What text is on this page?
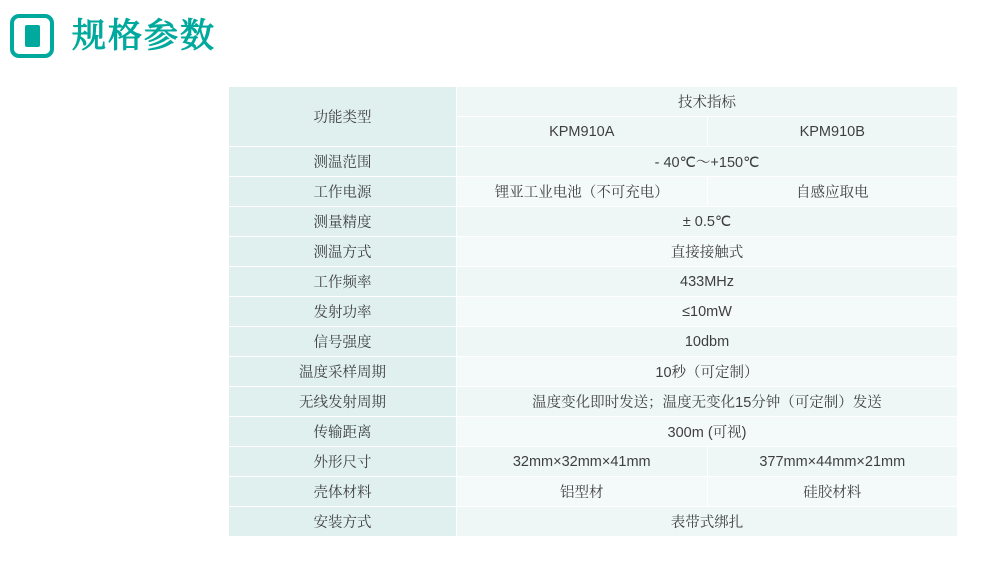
规格参数
功能类型	技术指标	
	KPM910A	KPM910B
测温范围	- 40℃～+150℃	
工作电源	锂亚工业电池（不可充电）	自感应取电
测量精度	± 0.5℃	
测温方式	直接接触式	
工作频率	433MHz	
发射功率	≤10mW	
信号强度	10dbm	
温度采样周期	10秒（可定制）	
无线发射周期	温度变化即时发送；温度无变化15分钟（可定制）发送	
传输距离	300m (可视)	
外形尺寸	32mm×32mm×41mm	377mm×44mm×21mm
壳体材料	铝型材	硅胶材料
安装方式	表带式绑扎	
